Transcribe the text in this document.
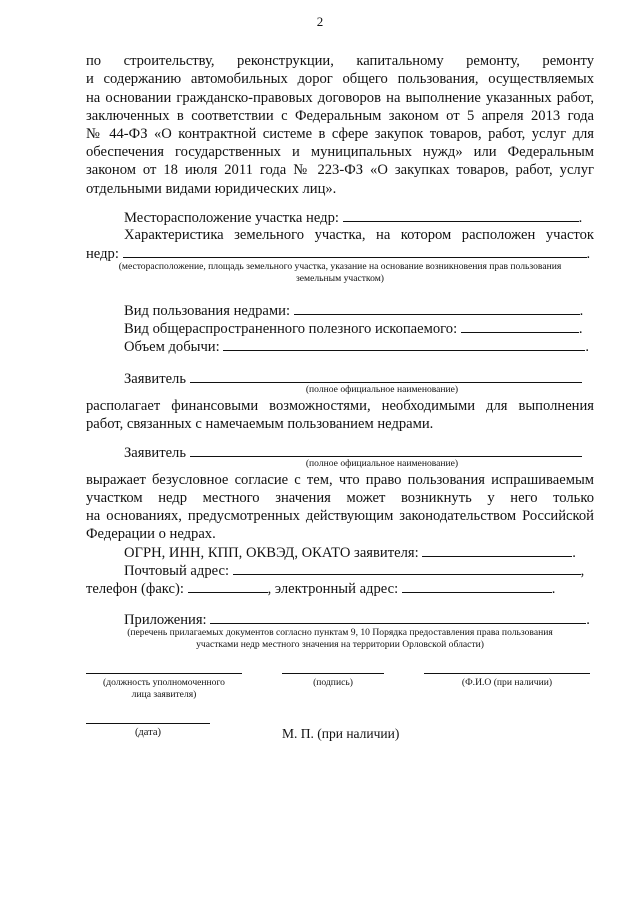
2

по строительству, реконструкции, капитальному ремонту, ремонту

и содержанию автомобильных дорог общего пользования, осуществляемых

на основании гражданско-правовых договоров на выполнение указанных работ,

заключенных в соответствии с Федеральным законом от 5 апреля 2013 года

№ 44-ФЗ «О контрактной системе в сфере закупок товаров, работ, услуг для

обеспечения государственных и муниципальных нужд» или Федеральным

законом от 18 июля 2011 года № 223-ФЗ «О закупках товаров, работ, услуг

отдельными видами юридических лиц».

Месторасположение участка недр:	.

Характеристика земельного участка, на котором расположен участок

недр:	.
(месторасположение, площадь земельного участка, указание на основание возникновения прав пользования
земельным участком)
Вид пользования недрами:	.
Вид общераспространенного полезного ископаемого:	.
Объем добычи:	.
Заявитель
(полное официальное наименование)

располагает финансовыми возможностями, необходимыми для выполнения

работ, связанных с намечаемым пользованием недрами.

Заявитель
(полное официальное наименование)

выражает безусловное согласие с тем, что право пользования испрашиваемым

участком недр местного значения может возникнуть у него только

на основаниях, предусмотренных действующим законодательством Российской

Федерации о недрах.

ОГРН, ИНН, КПП, ОКВЭД, ОКАТО заявителя:	.
Почтовый адрес:	,
телефон (факс):	, электронный адрес:	.
Приложения:	.
(перечень прилагаемых документов согласно пунктам 9, 10 Порядка предоставления права пользования
участками недр местного значения на территории Орловской области)
(должность уполномоченного
лица заявителя)
(подпись)	(Ф.И.О (при наличии)
(дата)	М. П. (при наличии)
